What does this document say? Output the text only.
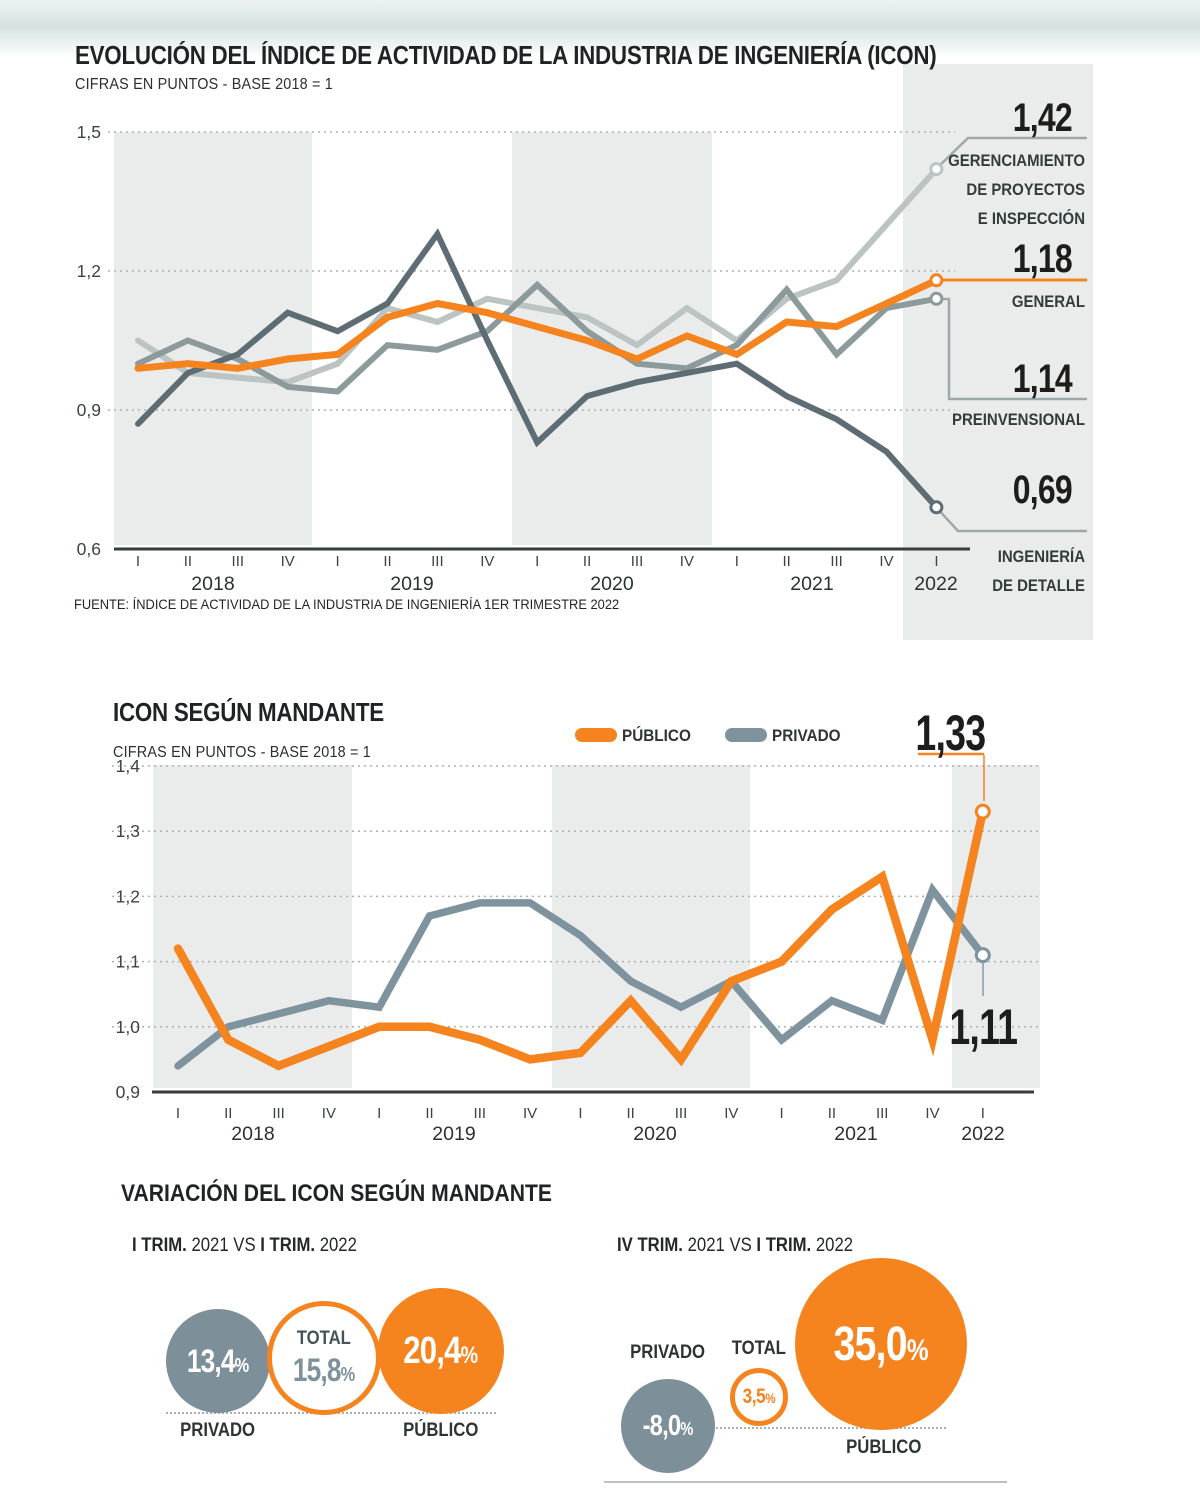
1,5
1,2
0,9
0,6
I	II	III IV	I	II	III IV	I	II	III IV	I	II	III IV	I
2018	2019	2020	2021	2022
1,4
1,3
1,2
1,1
1,0
0,9
I	II	III IV	I	II	III IV	I	II	III IV	I	II	III IV	I
2018	2019	2020	2021	2022
EVOLUCIÓN DEL ÍNDICE DE ACTIVIDAD DE LA INDUSTRIA DE INGENIERÍA (ICON)
CIFRAS EN PUNTOS - BASE 2018 = 1
1,42
GERENCIAMIENTO
DE PROYECTOS
E INSPECCIÓN
1,18
GENERAL
1,14
PREINVENSIONAL
0,69
INGENIERÍA
DE DETALLE
FUENTE: ÍNDICE DE ACTIVIDAD DE LA INDUSTRIA DE INGENIERÍA 1ER TRIMESTRE 2022
ICON SEGÚN MANDANTE
CIFRAS EN PUNTOS - BASE 2018 = 1
PÚBLICO	PRIVADO	1,33
1,11
VARIACIÓN DEL ICON SEGÚN MANDANTE
I TRIM. 2021 VS I TRIM. 2022	IV TRIM. 2021 VS I TRIM. 2022
13,4 %
TOTAL
15,8 %
20,4 %
PRIVADO	PÚBLICO
PRIVADO
-8,0 %
TOTAL
3,5 %
35,0 %
PÚBLICO
